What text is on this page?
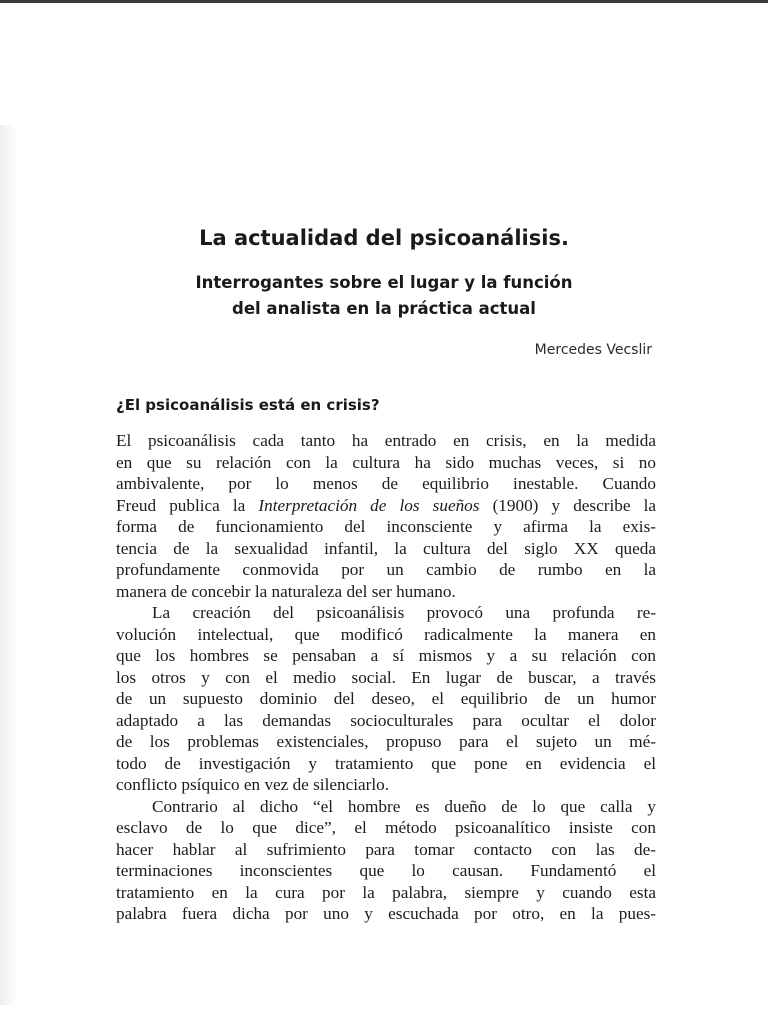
La actualidad del psicoanálisis.
Interrogantes sobre el lugar y la función
del analista en la práctica actual

Mercedes Vecslir

¿El psicoanálisis está en crisis?
El psicoanálisis cada tanto ha entrado en crisis, en la medida
en que su relación con la cultura ha sido muchas veces, si no
ambivalente, por lo menos de equilibrio inestable. Cuando
Freud publica la Interpretación de los sueños (1900) y describe la
forma de funcionamiento del inconsciente y afirma la exis-
tencia de la sexualidad infantil, la cultura del siglo XX queda
profundamente conmovida por un cambio de rumbo en la
manera de concebir la naturaleza del ser humano.
La creación del psicoanálisis provocó una profunda re-
volución intelectual, que modificó radicalmente la manera en
que los hombres se pensaban a sí mismos y a su relación con
los otros y con el medio social. En lugar de buscar, a través
de un supuesto dominio del deseo, el equilibrio de un humor
adaptado a las demandas socioculturales para ocultar el dolor
de los problemas existenciales, propuso para el sujeto un mé-
todo de investigación y tratamiento que pone en evidencia el
conflicto psíquico en vez de silenciarlo.
Contrario al dicho “el hombre es dueño de lo que calla y
esclavo de lo que dice”, el método psicoanalítico insiste con
hacer hablar al sufrimiento para tomar contacto con las de-
terminaciones inconscientes que lo causan. Fundamentó el
tratamiento en la cura por la palabra, siempre y cuando esta
palabra fuera dicha por uno y escuchada por otro, en la pues-
